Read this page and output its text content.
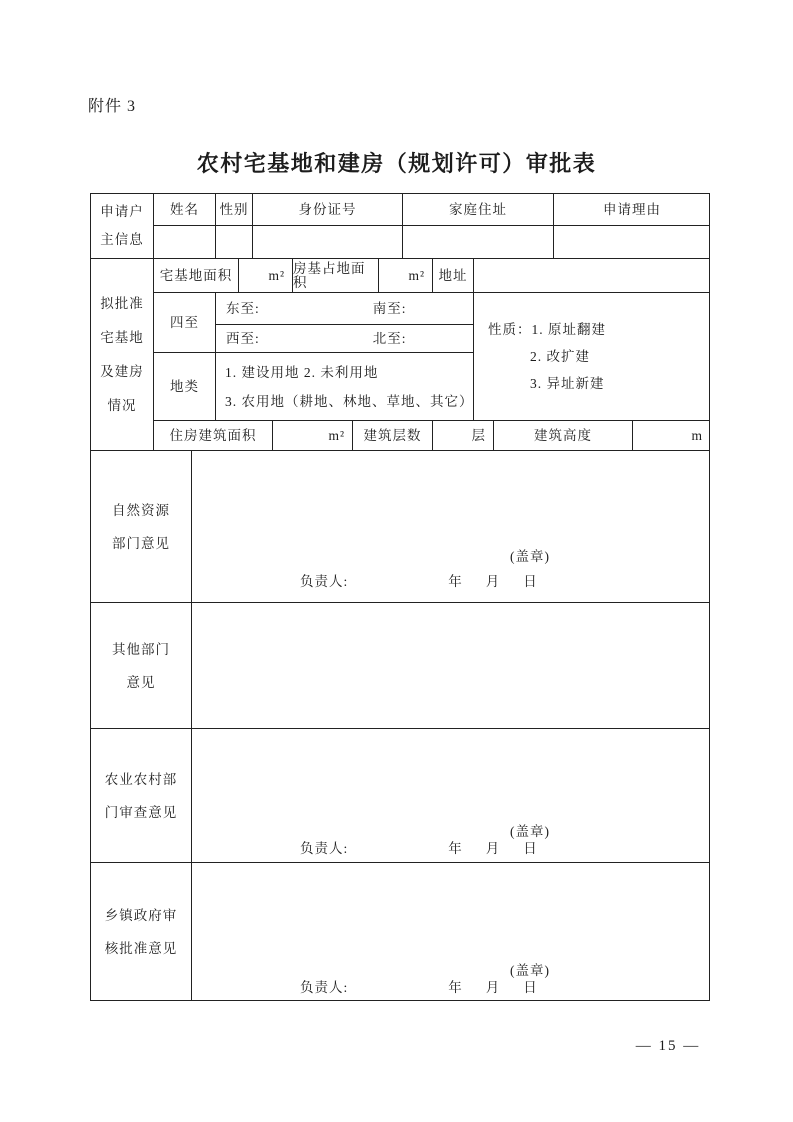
附件 3
农村宅基地和建房（规划许可）审批表
申请户
主信息
姓名	性别	身份证号	家庭住址	申请理由
拟批准
宅基地
及建房
情况
宅基地面积	m² 房基占地面积	m²	地址
四至
东至:	南至:
西至:	北至:
性质：1. 原址翻建
2. 改扩建
3. 异址新建
地类
1. 建设用地 2. 未利用地
3. 农用地（耕地、林地、草地、其它）
住房建筑面积	m²	建筑层数	层	建筑高度	m
自然资源
部门意见
(盖章)
负责人:	年 月 日
其他部门
意见
农业农村部
门审查意见
(盖章)
负责人:	年 月 日
乡镇政府审
核批准意见
(盖章)
负责人:	年 月 日
— 15 —
